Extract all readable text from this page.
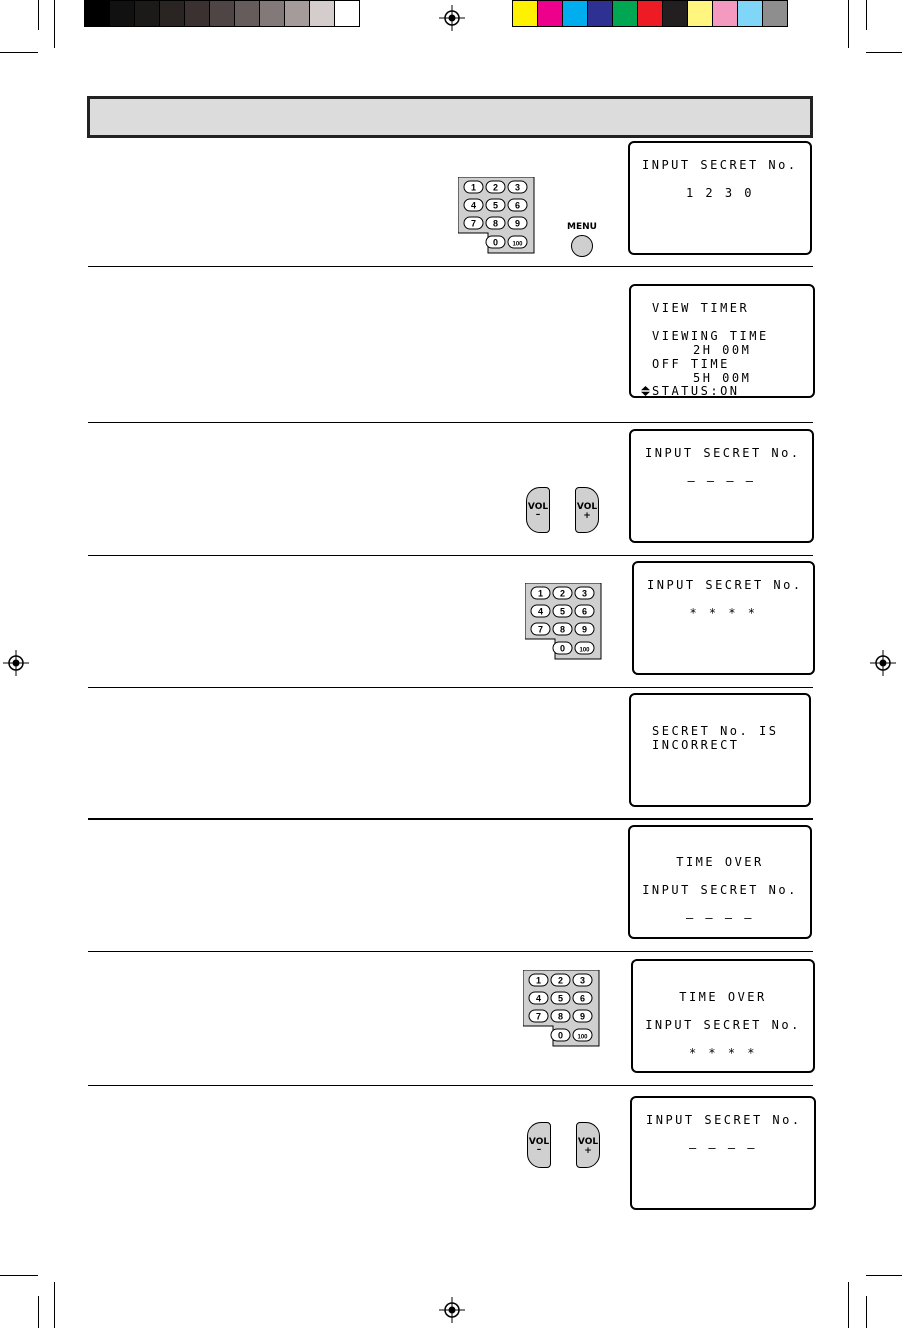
INPUT SECRET No.
1 2 3 0
VIEW TIMER
VIEWING TIME
2H 00M
OFF TIME
5H 00M
STATUS:ON
INPUT SECRET No.
– – – –
INPUT SECRET No.
* * * *
SECRET No. IS
INCORRECT
TIME OVER
INPUT SECRET No.
– – – –
TIME OVER
INPUT SECRET No.
* * * *
INPUT SECRET No.
– – – –
1 2 3
4 5 6
7 8 9
0 100
1 2 3
4 5 6
7 8 9
0 100
1 2 3
4 5 6
7 8 9
0 100
MENU
VOL
–
VOL
+
VOL
–
VOL
+
